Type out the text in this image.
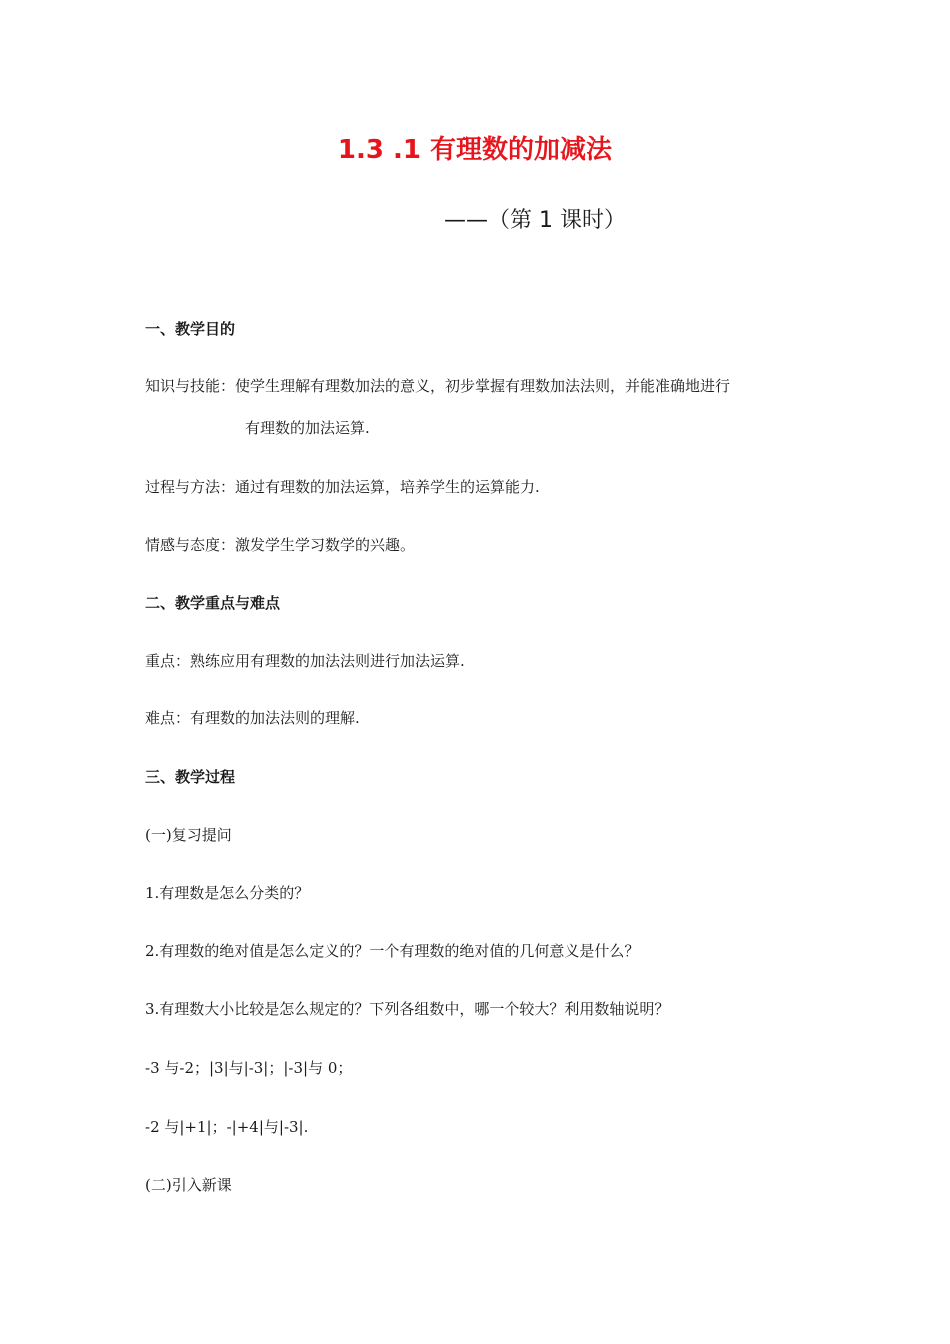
1.3 .1 有理数的加减法
——（第 1 课时）
一、教学目的
知识与技能：使学生理解有理数加法的意义，初步掌握有理数加法法则，并能准确地进行
有理数的加法运算.
过程与方法：通过有理数的加法运算，培养学生的运算能力.
情感与态度：激发学生学习数学的兴趣。
二、教学重点与难点
重点：熟练应用有理数的加法法则进行加法运算.
难点：有理数的加法法则的理解.
三、教学过程
(一)复习提问
1.有理数是怎么分类的？
2.有理数的绝对值是怎么定义的？一个有理数的绝对值的几何意义是什么？
3.有理数大小比较是怎么规定的？下列各组数中，哪一个较大？利用数轴说明？
-3 与-2；|3|与|-3|；|-3|与 0；
-2 与|+1|；-|+4|与|-3|.
(二)引入新课
